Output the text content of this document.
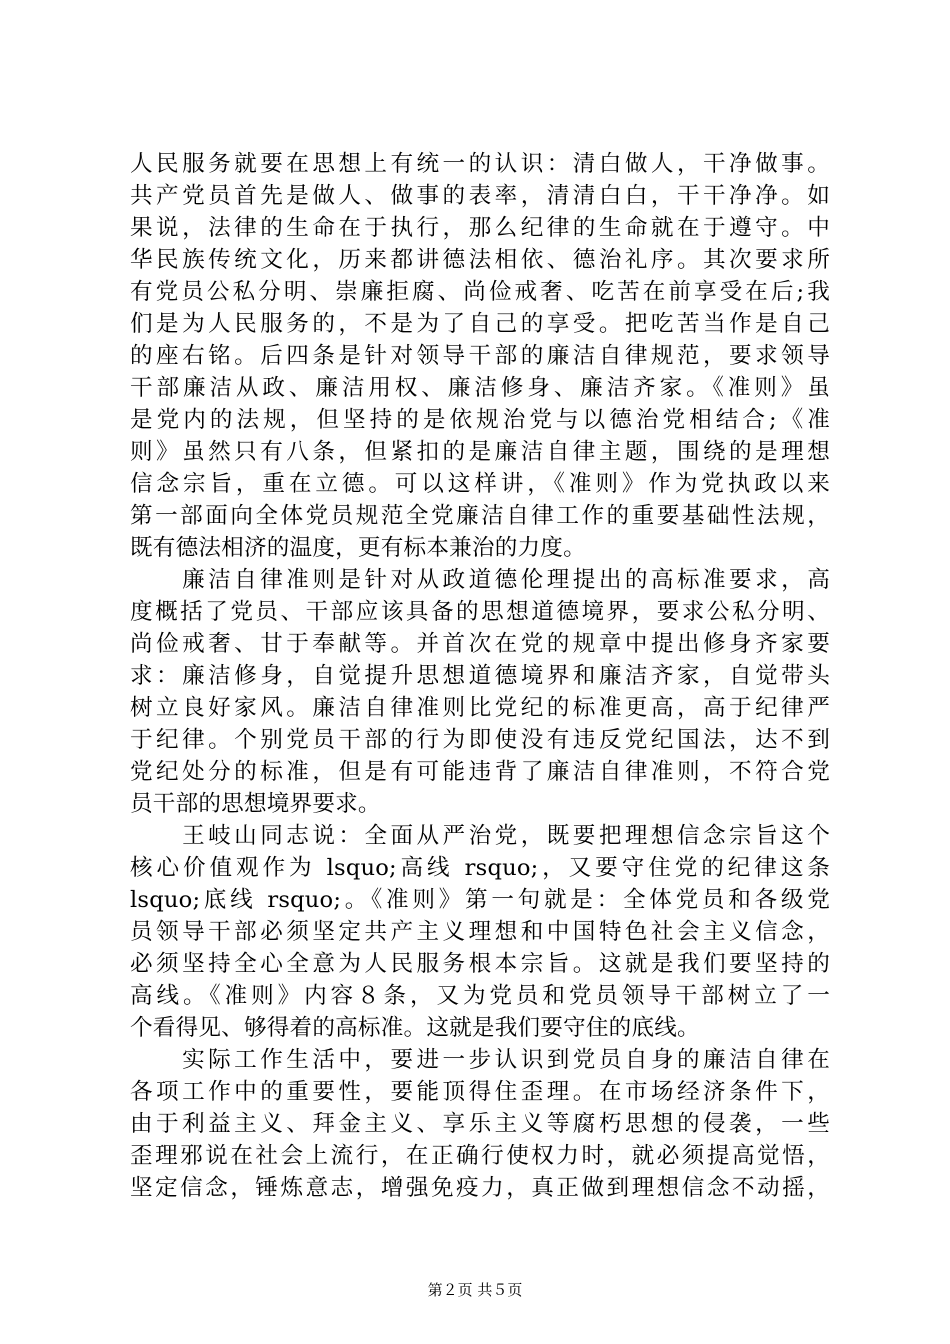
人民服务就要在思想上有统一的认识：清白做人，干净做事。
共产党员首先是做人、做事的表率，清清白白，干干净净。如
果说，法律的生命在于执行，那么纪律的生命就在于遵守。中
华民族传统文化，历来都讲德法相依、德治礼序。其次要求所
有党员公私分明、崇廉拒腐、尚俭戒奢、吃苦在前享受在后;我
们是为人民服务的，不是为了自己的享受。把吃苦当作是自己
的座右铭。后四条是针对领导干部的廉洁自律规范，要求领导
干部廉洁从政、廉洁用权、廉洁修身、廉洁齐家。《准则》虽
是党内的法规，但坚持的是依规治党与以德治党相结合;《准
则》虽然只有八条，但紧扣的是廉洁自律主题，围绕的是理想
信念宗旨，重在立德。可以这样讲，《准则》作为党执政以来
第一部面向全体党员规范全党廉洁自律工作的重要基础性法规，
既有德法相济的温度，更有标本兼治的力度。
　　廉洁自律准则是针对从政道德伦理提出的高标准要求，高
度概括了党员、干部应该具备的思想道德境界，要求公私分明、
尚俭戒奢、甘于奉献等。并首次在党的规章中提出修身齐家要
求：廉洁修身，自觉提升思想道德境界和廉洁齐家，自觉带头
树立良好家风。廉洁自律准则比党纪的标准更高，高于纪律严
于纪律。个别党员干部的行为即使没有违反党纪国法，达不到
党纪处分的标准，但是有可能违背了廉洁自律准则，不符合党
员干部的思想境界要求。
　　王岐山同志说：全面从严治党，既要把理想信念宗旨这个
核心价值观作为 lsquo;高线 rsquo;，又要守住党的纪律这条
lsquo;底线 rsquo;。《准则》第一句就是：全体党员和各级党
员领导干部必须坚定共产主义理想和中国特色社会主义信念，
必须坚持全心全意为人民服务根本宗旨。这就是我们要坚持的
高线。《准则》内容８条，又为党员和党员领导干部树立了一
个看得见、够得着的高标准。这就是我们要守住的底线。
　　实际工作生活中，要进一步认识到党员自身的廉洁自律在
各项工作中的重要性，要能顶得住歪理。在市场经济条件下，
由于利益主义、拜金主义、享乐主义等腐朽思想的侵袭，一些
歪理邪说在社会上流行，在正确行使权力时，就必须提高觉悟，
坚定信念，锤炼意志，增强免疫力，真正做到理想信念不动摇，
第２页 共５页
